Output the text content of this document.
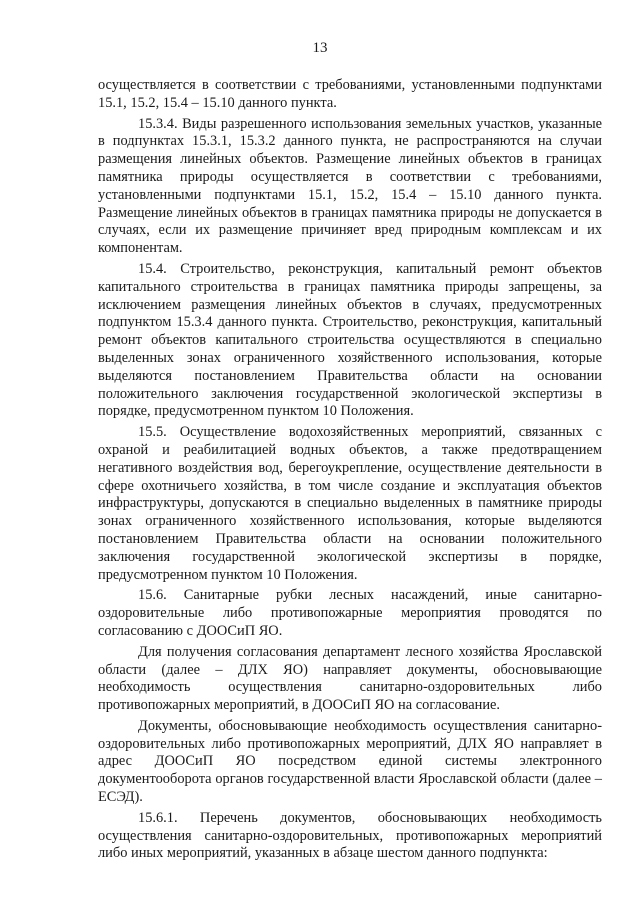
13

осуществляется в соответствии с требованиями, установленными подпунктами 15.1, 15.2, 15.4 – 15.10 данного пункта.

15.3.4. Виды разрешенного использования земельных участков, указанные в подпунктах 15.3.1, 15.3.2 данного пункта, не распространяются на случаи размещения линейных объектов. Размещение линейных объектов в границах памятника природы осуществляется в соответствии с требованиями, установленными подпунктами 15.1, 15.2, 15.4 – 15.10 данного пункта. Размещение линейных объектов в границах памятника природы не допускается в случаях, если их размещение причиняет вред природным комплексам и их компонентам.

15.4. Строительство, реконструкция, капитальный ремонт объектов капитального строительства в границах памятника природы запрещены, за исключением размещения линейных объектов в случаях, предусмотренных подпунктом 15.3.4 данного пункта. Строительство, реконструкция, капитальный ремонт объектов капитального строительства осуществляются в специально выделенных зонах ограниченного хозяйственного использования, которые выделяются постановлением Правительства области на основании положительного заключения государственной экологической экспертизы в порядке, предусмотренном пунктом 10 Положения.

15.5. Осуществление водохозяйственных мероприятий, связанных с охраной и реабилитацией водных объектов, а также предотвращением негативного воздействия вод, берегоукрепление, осуществление деятельности в сфере охотничьего хозяйства, в том числе создание и эксплуатация объектов инфраструктуры, допускаются в специально выделенных в памятнике природы зонах ограниченного хозяйственного использования, которые выделяются постановлением Правительства области на основании положительного заключения государственной экологической экспертизы в порядке, предусмотренном пунктом 10 Положения.

15.6. Санитарные рубки лесных насаждений, иные санитарно-оздоровительные либо противопожарные мероприятия проводятся по согласованию с ДООСиП ЯО.

Для получения согласования департамент лесного хозяйства Ярославской области (далее – ДЛХ ЯО) направляет документы, обосновывающие необходимость осуществления санитарно-оздоровительных либо противопожарных мероприятий, в ДООСиП ЯО на согласование.

Документы, обосновывающие необходимость осуществления санитарно-оздоровительных либо противопожарных мероприятий, ДЛХ ЯО направляет в адрес ДООСиП ЯО посредством единой системы электронного документооборота органов государственной власти Ярославской области (далее – ЕСЭД).

15.6.1. Перечень документов, обосновывающих необходимость осуществления санитарно-оздоровительных, противопожарных мероприятий либо иных мероприятий, указанных в абзаце шестом данного подпункта:
